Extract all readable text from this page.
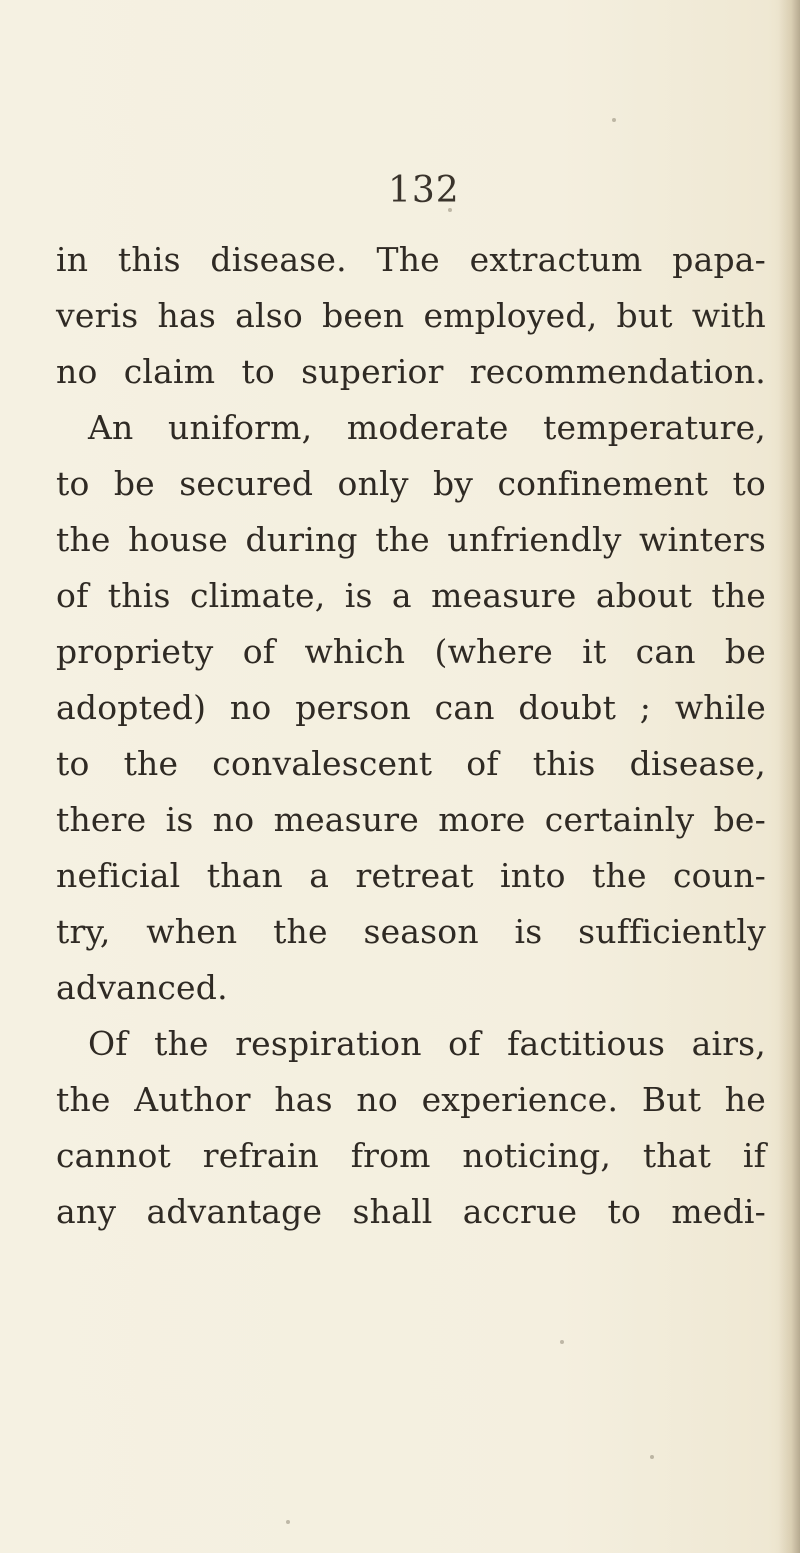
132
in this disease. The extractum papa-
veris has also been employed, but with
no claim to superior recommendation.
An uniform, moderate temperature,
to be secured only by confinement to
the house during the unfriendly winters
of this climate, is a measure about the
propriety of which (where it can be
adopted) no person can doubt ; while
to the convalescent of this disease,
there is no measure more certainly be-
neficial than a retreat into the coun-
try, when the season is sufficiently
advanced.
Of the respiration of factitious airs,
the Author has no experience. But he
cannot refrain from noticing, that if
any advantage shall accrue to medi-
